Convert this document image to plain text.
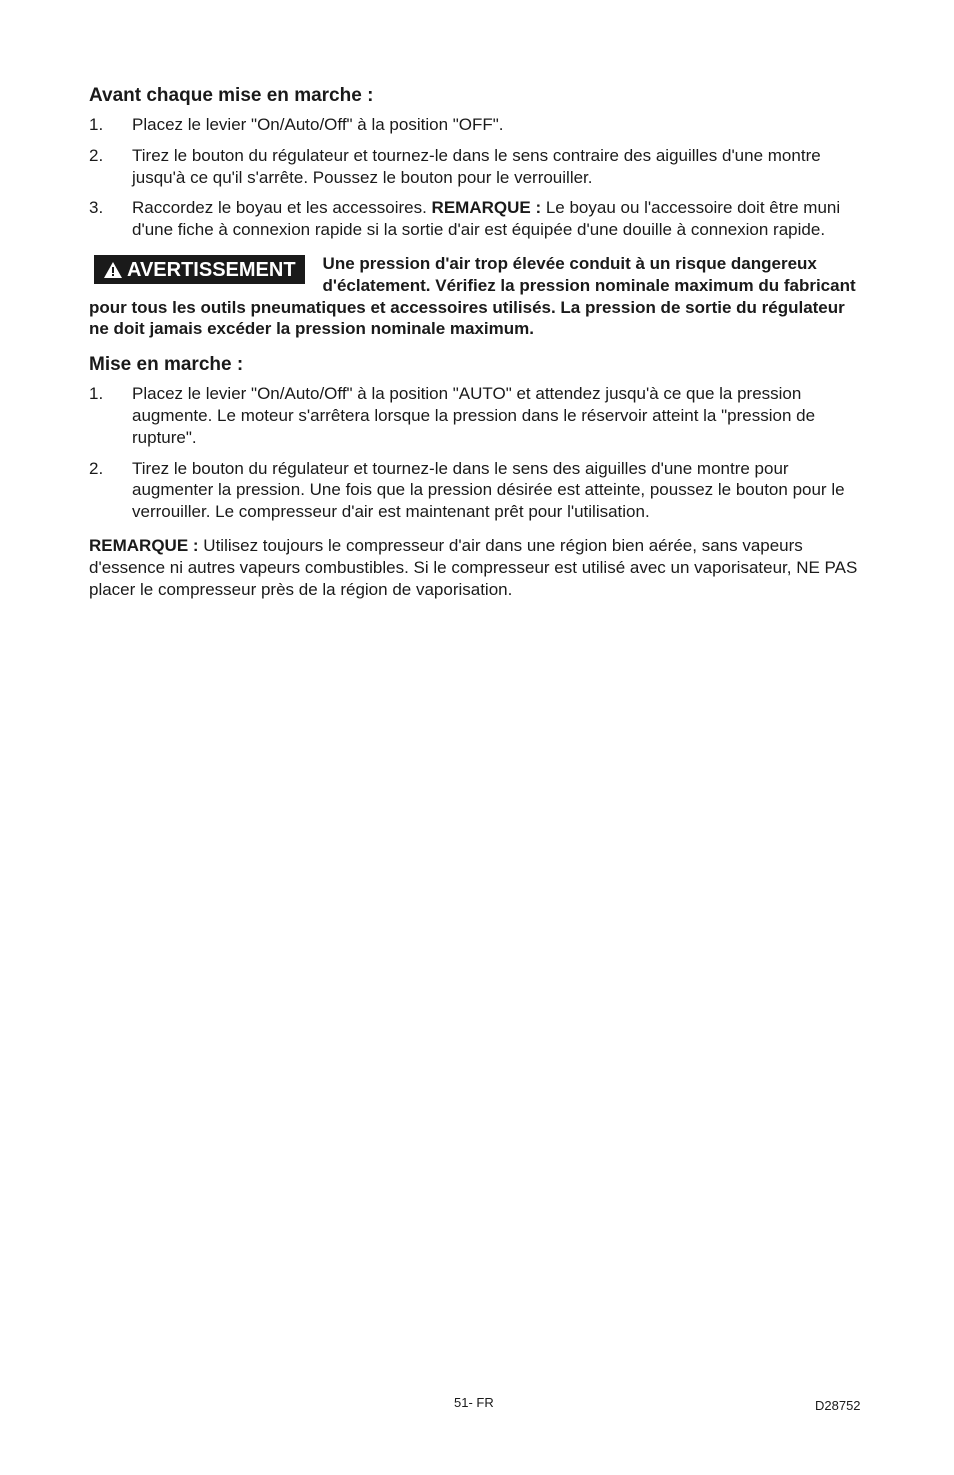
Avant chaque mise en marche :
1.	Placez le levier "On/Auto/Off" à la position "OFF".
2.	Tirez le bouton du régulateur et tournez-le dans le sens contraire des aiguilles d'une montre jusqu'à ce qu'il s'arrête. Poussez le bouton pour le verrouiller.
3.	Raccordez le boyau et les accessoires. REMARQUE : Le boyau ou l'accessoire doit être muni d'une fiche à connexion rapide si la sortie d'air est équipée d'une douille à connexion rapide.
AVERTISSEMENT Une pression d'air trop élevée conduit à un risque dangereux d'éclatement. Vérifiez la pression nominale maximum du fabricant pour tous les outils pneumatiques et accessoires utilisés. La pression de sortie du régulateur ne doit jamais excéder la pression nominale maximum.
Mise en marche :
1.	Placez le levier "On/Auto/Off" à la position "AUTO" et attendez jusqu'à ce que la pression augmente. Le moteur s'arrêtera lorsque la pression dans le réservoir atteint la "pression de rupture".
2.	Tirez le bouton du régulateur et tournez-le dans le sens des aiguilles d'une montre pour augmenter la pression. Une fois que la pression désirée est atteinte, poussez le bouton pour le verrouiller. Le compresseur d'air est maintenant prêt pour l'utilisation.

REMARQUE : Utilisez toujours le compresseur d'air dans une région bien aérée, sans vapeurs d'essence ni autres vapeurs combustibles. Si le compresseur est utilisé avec un vaporisateur, NE PAS placer le compresseur près de la région de vaporisation.

51- FR	D28752
